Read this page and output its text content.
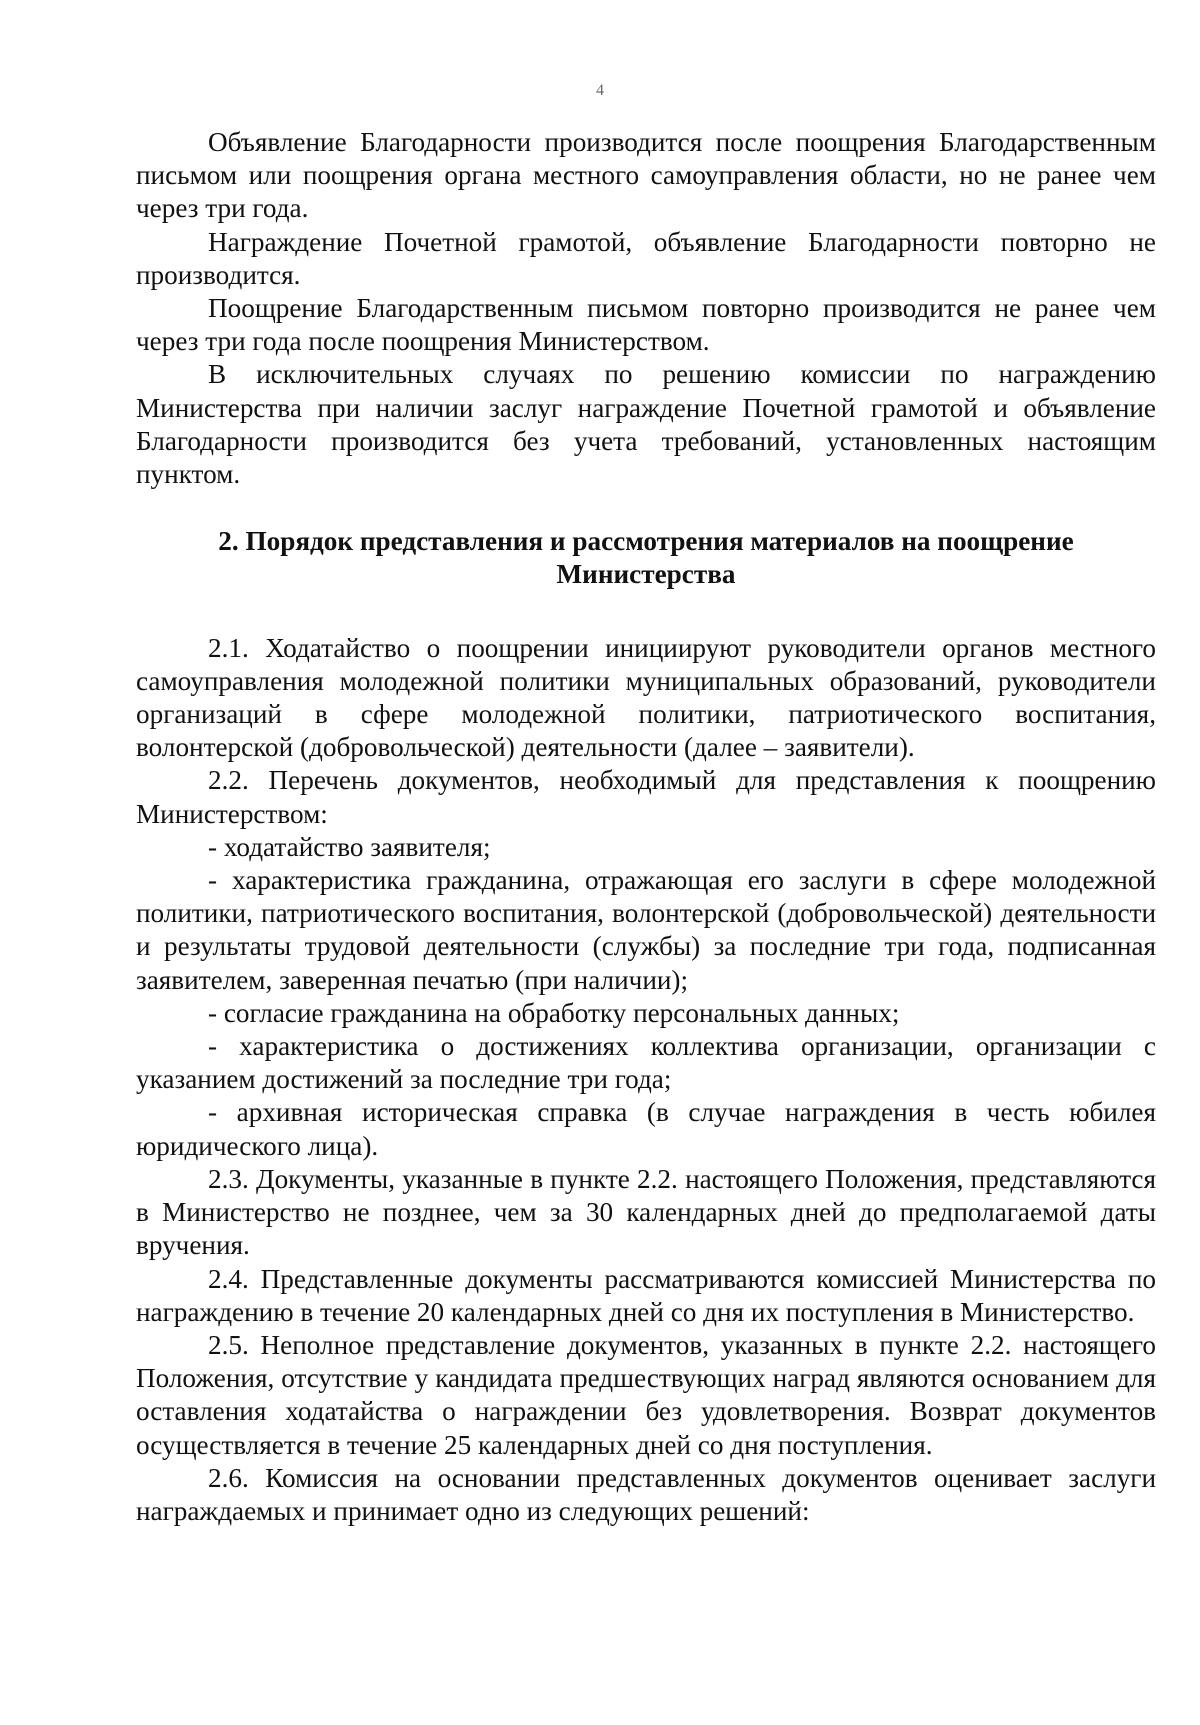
4

Объявление Благодарности производится после поощрения Благодарственным письмом или поощрения органа местного самоуправления области, но не ранее чем через три года.

Награждение Почетной грамотой, объявление Благодарности повторно не производится.

Поощрение Благодарственным письмом повторно производится не ранее чем через три года после поощрения Министерством.

В исключительных случаях по решению комиссии по награждению Министерства при наличии заслуг награждение Почетной грамотой и объявление Благодарности производится без учета требований, установленных настоящим пунктом.

2. Порядок представления и рассмотрения материалов на поощрение
Министерства

2.1. Ходатайство о поощрении инициируют руководители органов местного самоуправления молодежной политики муниципальных образований, руководители организаций в сфере молодежной политики, патриотического воспитания, волонтерской (добровольческой) деятельности (далее – заявители).

2.2. Перечень документов, необходимый для представления к поощрению Министерством:

- ходатайство заявителя;

- характеристика гражданина, отражающая его заслуги в сфере молодежной политики, патриотического воспитания, волонтерской (добровольческой) деятельности и результаты трудовой деятельности (службы) за последние три года, подписанная заявителем, заверенная печатью (при наличии);

- согласие гражданина на обработку персональных данных;

- характеристика о достижениях коллектива организации, организации с указанием достижений за последние три года;

- архивная историческая справка (в случае награждения в честь юбилея юридического лица).

2.3. Документы, указанные в пункте 2.2. настоящего Положения, представляются в Министерство не позднее, чем за 30 календарных дней до предполагаемой даты вручения.

2.4. Представленные документы рассматриваются комиссией Министерства по награждению в течение 20 календарных дней со дня их поступления в Министерство.

2.5. Неполное представление документов, указанных в пункте 2.2. настоящего Положения, отсутствие у кандидата предшествующих наград являются основанием для оставления ходатайства о награждении без удовлетворения. Возврат документов осуществляется в течение 25 календарных дней со дня поступления.

2.6. Комиссия на основании представленных документов оценивает заслуги награждаемых и принимает одно из следующих решений:
